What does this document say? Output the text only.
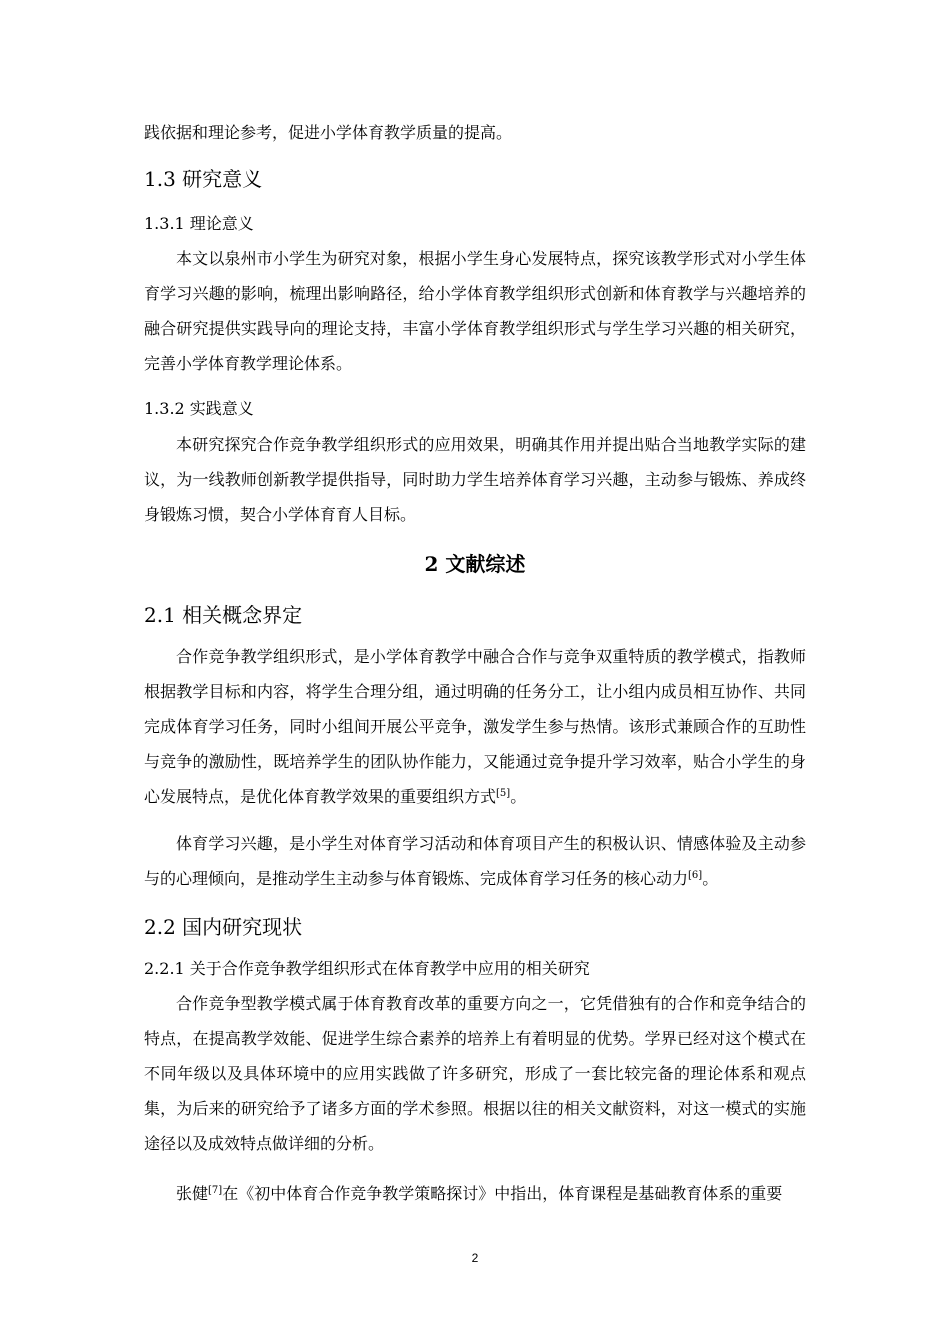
践依据和理论参考，促进小学体育教学质量的提高。

1.3 研究意义
1.3.1 理论意义

本文以泉州市小学生为研究对象，根据小学生身心发展特点，探究该教学形式对小学生体育学习兴趣的影响，梳理出影响路径，给小学体育教学组织形式创新和体育教学与兴趣培养的融合研究提供实践导向的理论支持，丰富小学体育教学组织形式与学生学习兴趣的相关研究，完善小学体育教学理论体系。

1.3.2 实践意义

本研究探究合作竞争教学组织形式的应用效果，明确其作用并提出贴合当地教学实际的建议，为一线教师创新教学提供指导，同时助力学生培养体育学习兴趣，主动参与锻炼、养成终身锻炼习惯，契合小学体育育人目标。

2 文献综述
2.1 相关概念界定

合作竞争教学组织形式，是小学体育教学中融合合作与竞争双重特质的教学模式，指教师根据教学目标和内容，将学生合理分组，通过明确的任务分工，让小组内成员相互协作、共同完成体育学习任务，同时小组间开展公平竞争，激发学生参与热情。该形式兼顾合作的互助性与竞争的激励性，既培养学生的团队协作能力，又能通过竞争提升学习效率，贴合小学生的身心发展特点，是优化体育教学效果的重要组织方式[5]。

体育学习兴趣，是小学生对体育学习活动和体育项目产生的积极认识、情感体验及主动参与的心理倾向，是推动学生主动参与体育锻炼、完成体育学习任务的核心动力[6]。

2.2 国内研究现状
2.2.1 关于合作竞争教学组织形式在体育教学中应用的相关研究

合作竞争型教学模式属于体育教育改革的重要方向之一，它凭借独有的合作和竞争结合的特点，在提高教学效能、促进学生综合素养的培养上有着明显的优势。学界已经对这个模式在不同年级以及具体环境中的应用实践做了许多研究，形成了一套比较完备的理论体系和观点集，为后来的研究给予了诸多方面的学术参照。根据以往的相关文献资料，对这一模式的实施途径以及成效特点做详细的分析。

张健[7]在《初中体育合作竞争教学策略探讨》中指出，体育课程是基础教育体系的重要

2
